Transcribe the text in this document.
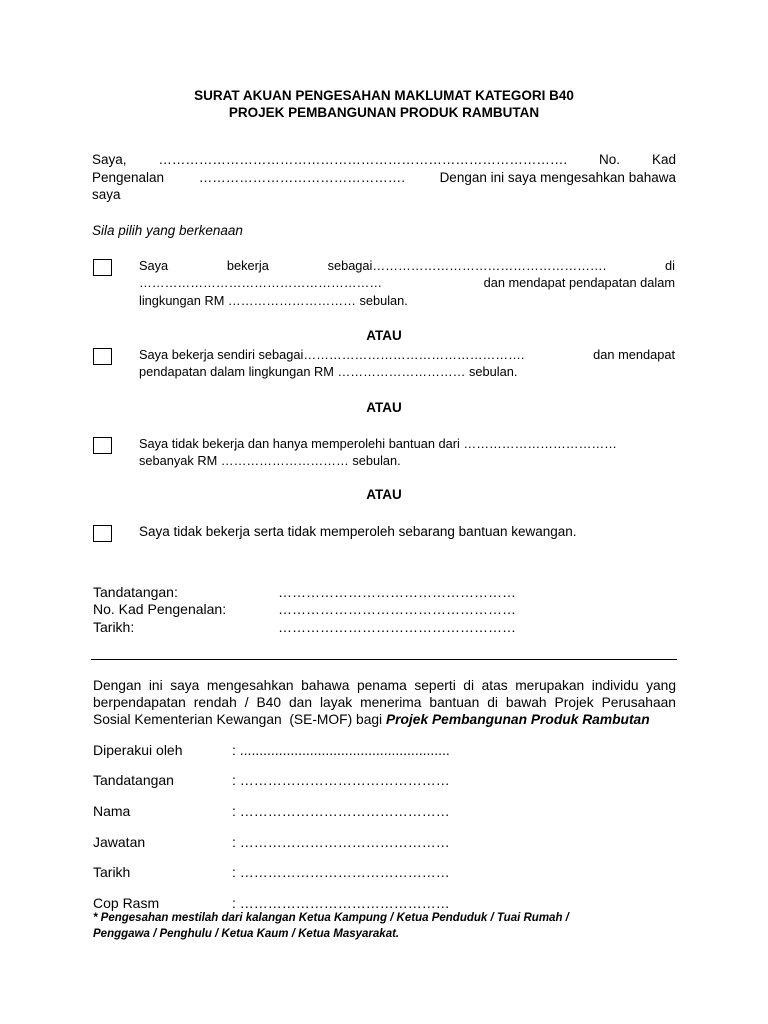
SURAT AKUAN PENGESAHAN MAKLUMAT KATEGORI B40
PROJEK PEMBANGUNAN PRODUK RAMBUTAN
Saya, ………………………………………………………………………………. No. Kad
Pengenalan	……………………………………….	Dengan ini saya mengesahkan bahawa
saya
Sila pilih yang berkenaan
Saya	bekerja	sebagai……………………………………………….	di
…………………………………………………	dan mendapat pendapatan dalam
lingkungan RM ………………………… sebulan.
ATAU
Saya bekerja sendiri sebagai…………………………………………….	dan mendapat
pendapatan dalam lingkungan RM ………………………… sebulan.
ATAU
Saya tidak bekerja dan hanya memperolehi bantuan dari ………………………………
sebanyak RM ………………………… sebulan.
ATAU
Saya tidak bekerja serta tidak memperoleh sebarang bantuan kewangan.
Tandatangan:	……………………………………………
No. Kad Pengenalan:	……………………………………………
Tarikh:	……………………………………………
Dengan ini saya mengesahkan bahawa penama seperti di atas merupakan individu yang
berpendapatan rendah / B40 dan layak menerima bantuan di bawah Projek Perusahaan
Sosial Kementerian Kewangan  (SE-MOF) bagi Projek Pembangunan Produk Rambutan
Diperakui oleh	: ......................................................
Tandatangan	: ………………………………………
Nama	: ………………………………………
Jawatan	: ………………………………………
Tarikh	: ………………………………………
Cop Rasm	: ………………………………………
* Pengesahan mestilah dari kalangan Ketua Kampung / Ketua Penduduk / Tuai Rumah /
Penggawa / Penghulu / Ketua Kaum / Ketua Masyarakat.
